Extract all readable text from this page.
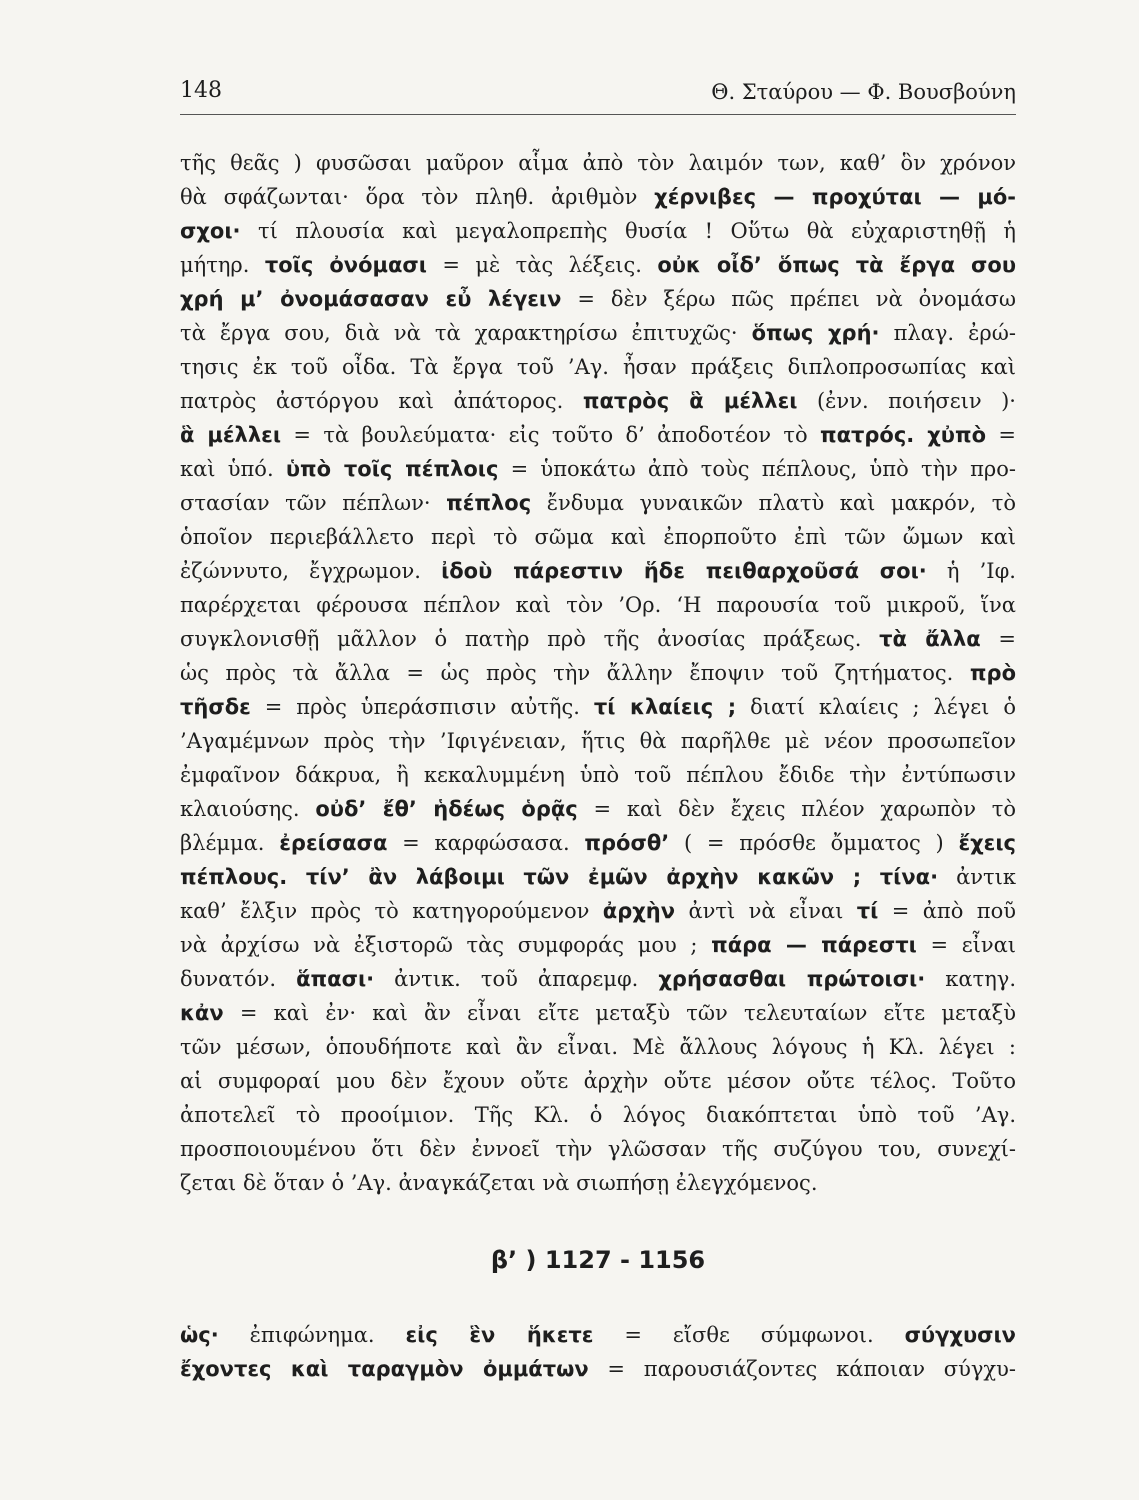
148	Θ. Σταύρου — Φ. Βουσβούνη
τῆς θεᾶς ) φυσῶσαι μαῦρον αἷμα ἀπὸ τὸν λαιμόν των, καθ’ ὃν χρόνον
θὰ σφάζωνται· ὅρα τὸν πληθ. ἀριθμὸν χέρνιβες — προχύται — μό-
σχοι· τί πλουσία καὶ μεγαλοπρεπὴς θυσία ! Οὕτω θὰ εὐχαριστηθῇ ἡ
μήτηρ. τοῖς ὀνόμασι = μὲ τὰς λέξεις. οὐκ οἶδ’ ὅπως τὰ ἔργα σου
χρή μ’ ὀνομάσασαν εὖ λέγειν = δὲν ξέρω πῶς πρέπει νὰ ὀνομάσω
τὰ ἔργα σου, διὰ νὰ τὰ χαρακτηρίσω ἐπιτυχῶς· ὅπως χρή· πλαγ. ἐρώ-
τησις ἐκ τοῦ οἶδα. Τὰ ἔργα τοῦ ’Αγ. ἦσαν πράξεις διπλοπροσωπίας καὶ
πατρὸς ἀστόργου καὶ ἀπάτορος. πατρὸς ἃ μέλλει (ἐνν. ποιήσειν )·
ἃ μέλλει = τὰ βουλεύματα· εἰς τοῦτο δ’ ἀποδοτέον τὸ πατρός. χὐπὸ =
καὶ ὑπό. ὑπὸ τοῖς πέπλοις = ὑποκάτω ἀπὸ τοὺς πέπλους, ὑπὸ τὴν προ-
στασίαν τῶν πέπλων· πέπλος ἔνδυμα γυναικῶν πλατὺ καὶ μακρόν, τὸ
ὁποῖον περιεβάλλετο περὶ τὸ σῶμα καὶ ἐπορποῦτο ἐπὶ τῶν ὤμων καὶ
ἐζώννυτο, ἔγχρωμον. ἰδοὺ πάρεστιν ἥδε πειθαρχοῦσά σοι· ἡ ’Ιφ.
παρέρχεται φέρουσα πέπλον καὶ τὸν ’Ορ. ‘Η παρουσία τοῦ μικροῦ, ἵνα
συγκλονισθῇ μᾶλλον ὁ πατὴρ πρὸ τῆς ἀνοσίας πράξεως. τὰ ἄλλα =
ὡς πρὸς τὰ ἄλλα = ὡς πρὸς τὴν ἄλλην ἔποψιν τοῦ ζητήματος. πρὸ
τῆσδε = πρὸς ὑπεράσπισιν αὐτῆς. τί κλαίεις ; διατί κλαίεις ; λέγει ὁ
’Αγαμέμνων πρὸς τὴν ’Ιφιγένειαν, ἥτις θὰ παρῆλθε μὲ νέον προσωπεῖον
ἐμφαῖνον δάκρυα, ἢ κεκαλυμμένη ὑπὸ τοῦ πέπλου ἔδιδε τὴν ἐντύπωσιν
κλαιούσης. οὐδ’ ἔθ’ ἡδέως ὁρᾷς = καὶ δὲν ἔχεις πλέον χαρωπὸν τὸ
βλέμμα. ἐρείσασα = καρφώσασα. πρόσθ’ ( = πρόσθε ὄμματος ) ἔχεις
πέπλους. τίν’ ἂν λάβοιμι τῶν ἐμῶν ἀρχὴν κακῶν ; τίνα· ἀντικ
καθ’ ἔλξιν πρὸς τὸ κατηγορούμενον ἀρχὴν ἀντὶ νὰ εἶναι τί = ἀπὸ ποῦ
νὰ ἀρχίσω νὰ ἐξιστορῶ τὰς συμφοράς μου ; πάρα — πάρεστι = εἶναι
δυνατόν. ἅπασι· ἀντικ. τοῦ ἀπαρεμφ. χρήσασθαι πρώτοισι· κατηγ.
κἀν = καὶ ἐν· καὶ ἂν εἶναι εἴτε μεταξὺ τῶν τελευταίων εἴτε μεταξὺ
τῶν μέσων, ὁπουδήποτε καὶ ἂν εἶναι. Μὲ ἄλλους λόγους ἡ Κλ. λέγει :
αἱ συμφοραί μου δὲν ἔχουν οὔτε ἀρχὴν οὔτε μέσον οὔτε τέλος. Τοῦτο
ἀποτελεῖ τὸ προοίμιον. Τῆς Κλ. ὁ λόγος διακόπτεται ὑπὸ τοῦ ’Αγ.
προσποιουμένου ὅτι δὲν ἐννοεῖ τὴν γλῶσσαν τῆς συζύγου του, συνεχί-
ζεται δὲ ὅταν ὁ ’Αγ. ἀναγκάζεται νὰ σιωπήσῃ ἐλεγχόμενος.
β’ ) 1127 - 1156
ὡς· ἐπιφώνημα. εἰς ἓν ἥκετε = εἴσθε σύμφωνοι. σύγχυσιν
ἔχοντες καὶ ταραγμὸν ὀμμάτων = παρουσιάζοντες κάποιαν σύγχυ-
